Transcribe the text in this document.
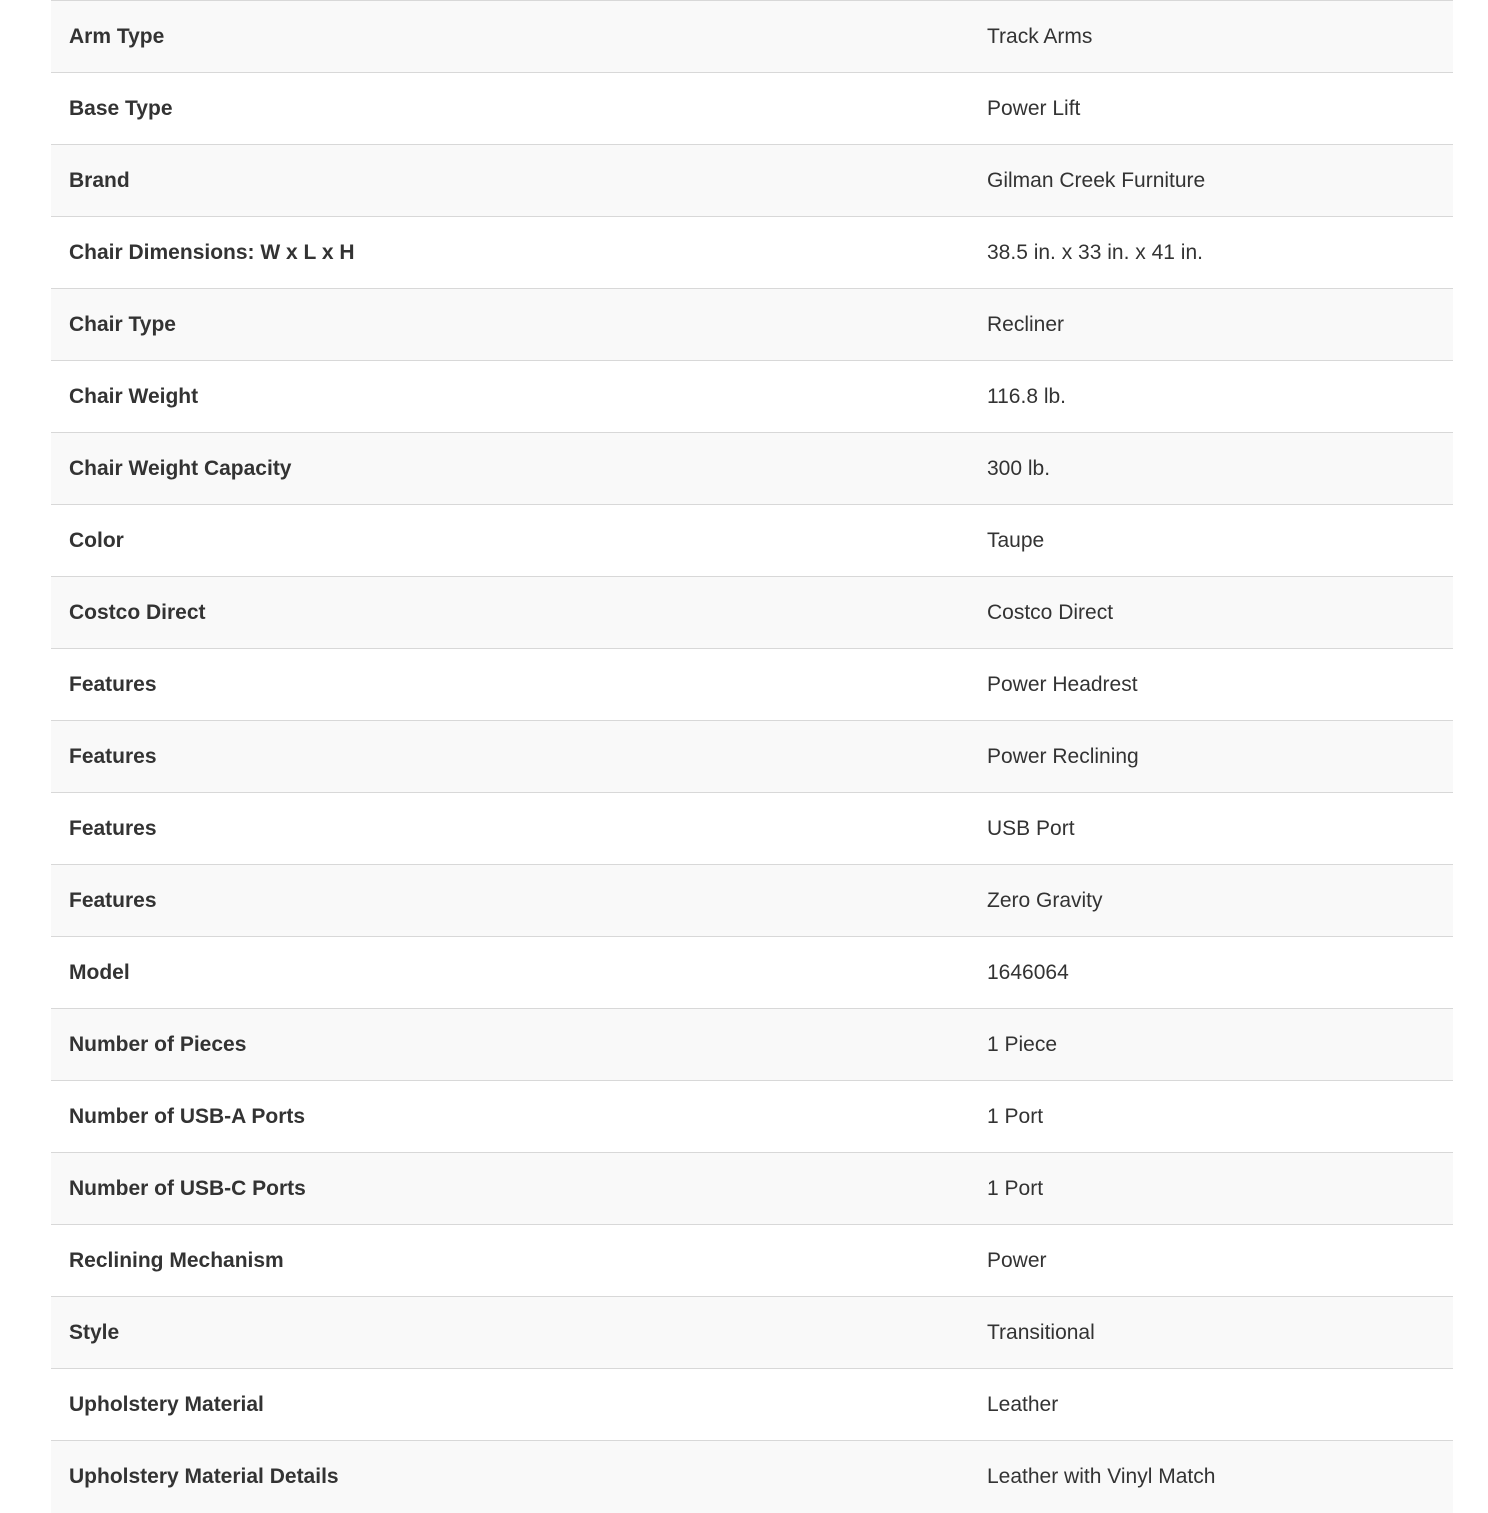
Arm Type	Track Arms
Base Type	Power Lift
Brand	Gilman Creek Furniture
Chair Dimensions: W x L x H	38.5 in. x 33 in. x 41 in.
Chair Type	Recliner
Chair Weight	116.8 lb.
Chair Weight Capacity	300 lb.
Color	Taupe
Costco Direct	Costco Direct
Features	Power Headrest
Features	Power Reclining
Features	USB Port
Features	Zero Gravity
Model	1646064
Number of Pieces	1 Piece
Number of USB-A Ports	1 Port
Number of USB-C Ports	1 Port
Reclining Mechanism	Power
Style	Transitional
Upholstery Material	Leather
Upholstery Material Details	Leather with Vinyl Match
